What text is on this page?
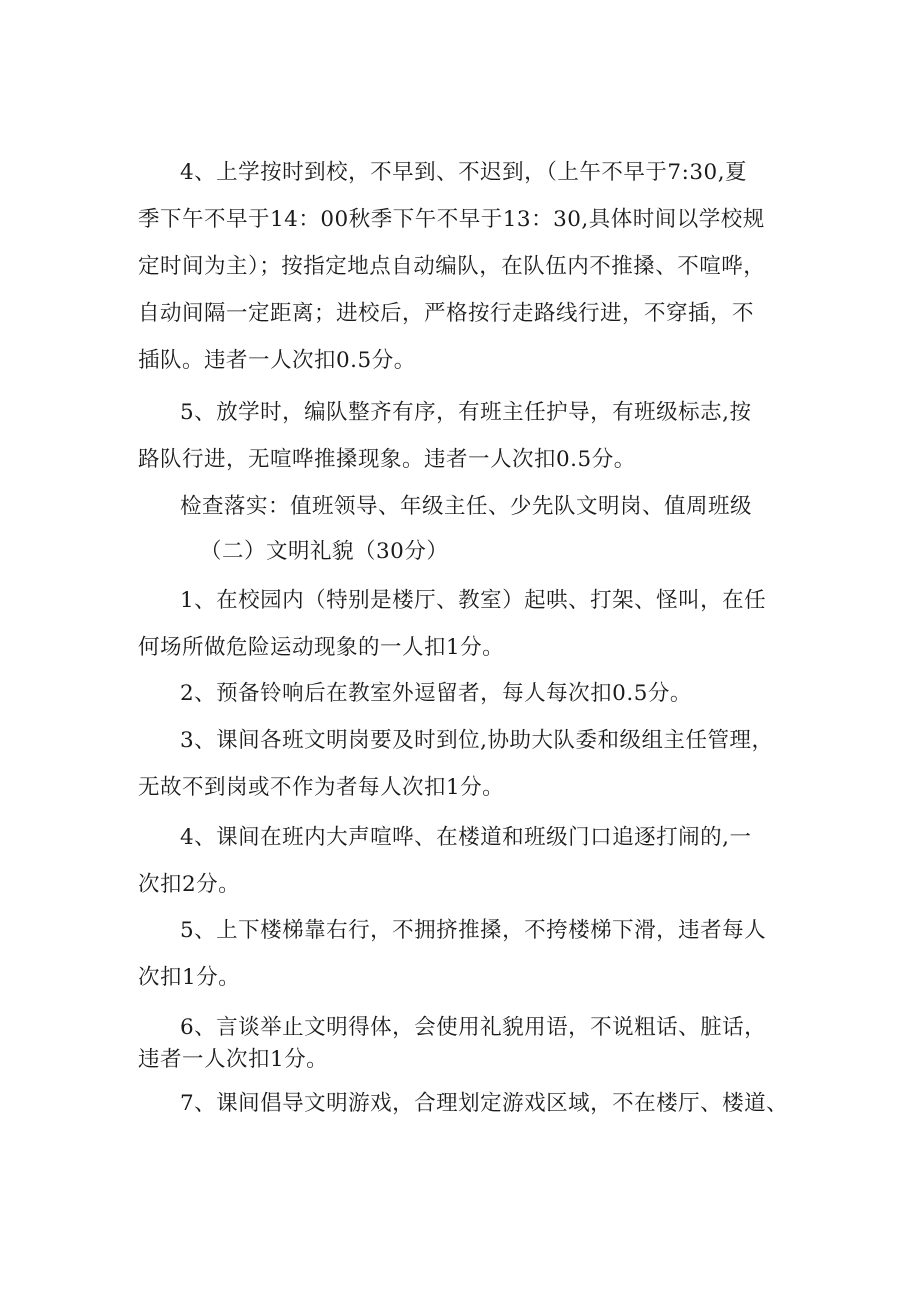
4、上学按时到校，不早到、不迟到，（上午不早于7:30,夏
季下午不早于14：00秋季下午不早于13：30,具体时间以学校规
定时间为主）；按指定地点自动编队，在队伍内不推搡、不喧哗，
自动间隔一定距离；进校后，严格按行走路线行进，不穿插，不
插队。违者一人次扣0.5分。
5、放学时，编队整齐有序，有班主任护导，有班级标志,按
路队行进，无喧哗推搡现象。违者一人次扣0.5分。
检查落实：值班领导、年级主任、少先队文明岗、值周班级
（二）文明礼貌（30分）
1、在校园内（特别是楼厅、教室）起哄、打架、怪叫，在任
何场所做危险运动现象的一人扣1分。
2、预备铃响后在教室外逗留者，每人每次扣0.5分。
3、课间各班文明岗要及时到位,协助大队委和级组主任管理，
无故不到岗或不作为者每人次扣1分。
4、课间在班内大声喧哗、在楼道和班级门口追逐打闹的,一
次扣2分。
5、上下楼梯靠右行，不拥挤推搡，不挎楼梯下滑，违者每人
次扣1分。
6、言谈举止文明得体，会使用礼貌用语，不说粗话、脏话，
违者一人次扣1分。
7、课间倡导文明游戏，合理划定游戏区域，不在楼厅、楼道、
